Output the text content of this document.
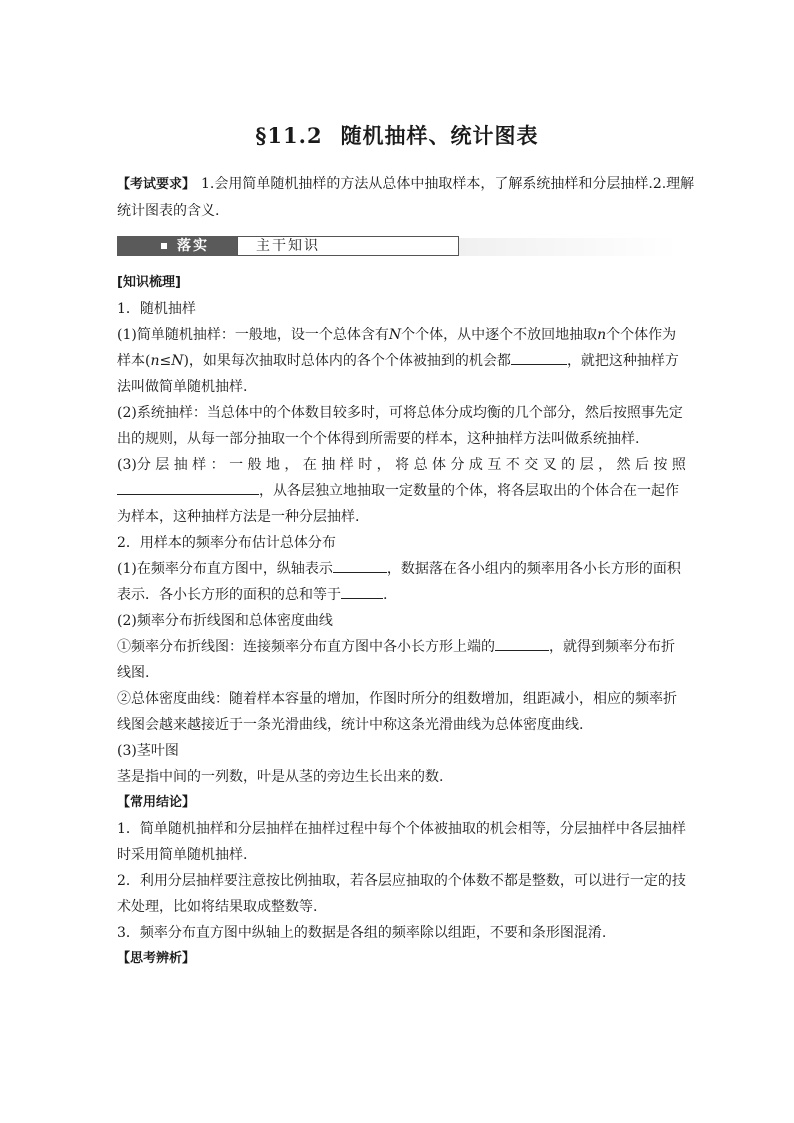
§11.2 随机抽样、统计图表
【考试要求】 1.会用简单随机抽样的方法从总体中抽取样本，了解系统抽样和分层抽样.2.理解
统计图表的含义.
落实	主干知识
[知识梳理]
1．随机抽样
(1)简单随机抽样：一般地，设一个总体含有N个个体，从中逐个不放回地抽取n个个体作为
样本(n≤N)，如果每次抽取时总体内的各个个体被抽到的机会都	，就把这种抽样方
法叫做简单随机抽样.
(2)系统抽样：当总体中的个体数目较多时，可将总体分成均衡的几个部分，然后按照事先定
出的规则，从每一部分抽取一个个体得到所需要的样本，这种抽样方法叫做系统抽样.
(3)分 层 抽 样 ： 一 般 地 ， 在 抽 样 时 ， 将 总 体 分 成 互 不 交 叉 的 层 ， 然 后 按 照
，从各层独立地抽取一定数量的个体，将各层取出的个体合在一起作
为样本，这种抽样方法是一种分层抽样.
2．用样本的频率分布估计总体分布
(1)在频率分布直方图中，纵轴表示	，数据落在各小组内的频率用各小长方形的面积
表示．各小长方形的面积的总和等于	.
(2)频率分布折线图和总体密度曲线
①频率分布折线图：连接频率分布直方图中各小长方形上端的	，就得到频率分布折
线图.
②总体密度曲线：随着样本容量的增加，作图时所分的组数增加，组距减小，相应的频率折
线图会越来越接近于一条光滑曲线，统计中称这条光滑曲线为总体密度曲线.
(3)茎叶图
茎是指中间的一列数，叶是从茎的旁边生长出来的数.
【常用结论】
1．简单随机抽样和分层抽样在抽样过程中每个个体被抽取的机会相等，分层抽样中各层抽样
时采用简单随机抽样.
2．利用分层抽样要注意按比例抽取，若各层应抽取的个体数不都是整数，可以进行一定的技
术处理，比如将结果取成整数等.
3．频率分布直方图中纵轴上的数据是各组的频率除以组距，不要和条形图混淆.
【思考辨析】
